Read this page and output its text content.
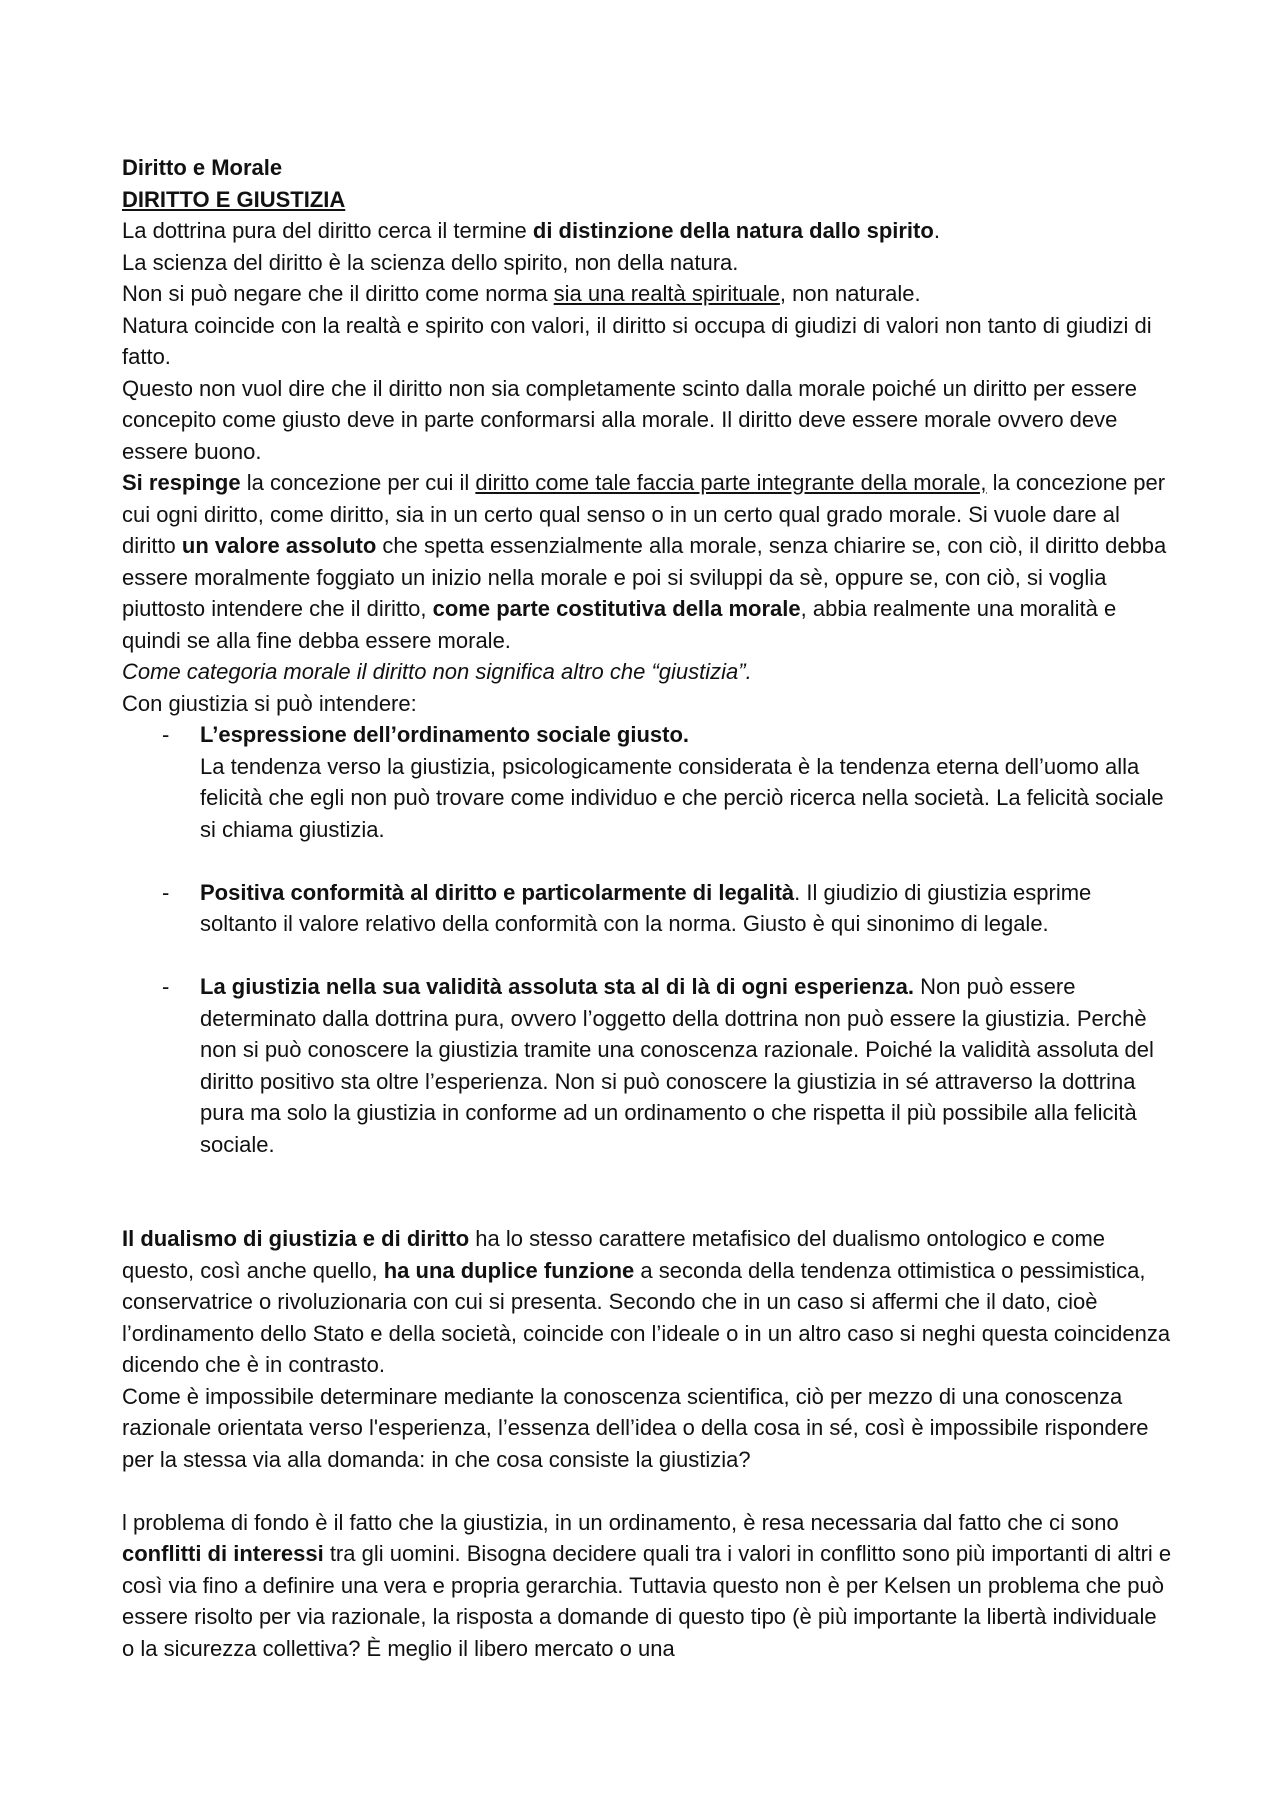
Diritto e Morale

DIRITTO E GIUSTIZIA

La dottrina pura del diritto cerca il termine di distinzione della natura dallo spirito.

La scienza del diritto è la scienza dello spirito, non della natura.

Non si può negare che il diritto come norma sia una realtà spirituale, non naturale.

Natura coincide con la realtà e spirito con valori, il diritto si occupa di giudizi di valori non tanto di giudizi di fatto.

Questo non vuol dire che il diritto non sia completamente scinto dalla morale poiché un diritto per essere concepito come giusto deve in parte conformarsi alla morale. Il diritto deve essere morale ovvero deve essere buono.

Si respinge la concezione per cui il diritto come tale faccia parte integrante della morale, la concezione per cui ogni diritto, come diritto, sia in un certo qual senso o in un certo qual grado morale. Si vuole dare al diritto un valore assoluto che spetta essenzialmente alla morale, senza chiarire se, con ciò, il diritto debba essere moralmente foggiato un inizio nella morale e poi si sviluppi da sè, oppure se, con ciò, si voglia piuttosto intendere che il diritto, come parte costitutiva della morale, abbia realmente una moralità e quindi se alla fine debba essere morale.

Come categoria morale il diritto non significa altro che “giustizia”.

Con giustizia si può intendere:

- L’espressione dell’ordinamento sociale giusto.
La tendenza verso la giustizia, psicologicamente considerata è la tendenza eterna dell’uomo alla felicità che egli non può trovare come individuo e che perciò ricerca nella società. La felicità sociale si chiama giustizia.
- Positiva conformità al diritto e particolarmente di legalità. Il giudizio di giustizia esprime soltanto il valore relativo della conformità con la norma. Giusto è qui sinonimo di legale.
- La giustizia nella sua validità assoluta sta al di là di ogni esperienza. Non può essere determinato dalla dottrina pura, ovvero l’oggetto della dottrina non può essere la giustizia. Perchè non si può conoscere la giustizia tramite una conoscenza razionale. Poiché la validità assoluta del diritto positivo sta oltre l’esperienza. Non si può conoscere la giustizia in sé attraverso la dottrina pura ma solo la giustizia in conforme ad un ordinamento o che rispetta il più possibile alla felicità sociale.

Il dualismo di giustizia e di diritto ha lo stesso carattere metafisico del dualismo ontologico e come questo, così anche quello, ha una duplice funzione a seconda della tendenza ottimistica o pessimistica, conservatrice o rivoluzionaria con cui si presenta. Secondo che in un caso si affermi che il dato, cioè l’ordinamento dello Stato e della società, coincide con l’ideale o in un altro caso si neghi questa coincidenza dicendo che è in contrasto.

Come è impossibile determinare mediante la conoscenza scientifica, ciò per mezzo di una conoscenza razionale orientata verso l'esperienza, l’essenza dell’idea o della cosa in sé, così è impossibile rispondere per la stessa via alla domanda: in che cosa consiste la giustizia?

l problema di fondo è il fatto che la giustizia, in un ordinamento, è resa necessaria dal fatto che ci sono conflitti di interessi tra gli uomini. Bisogna decidere quali tra i valori in conflitto sono più importanti di altri e così via fino a definire una vera e propria gerarchia. Tuttavia questo non è per Kelsen un problema che può essere risolto per via razionale, la risposta a domande di questo tipo (è più importante la libertà individuale o la sicurezza collettiva? È meglio il libero mercato o una
